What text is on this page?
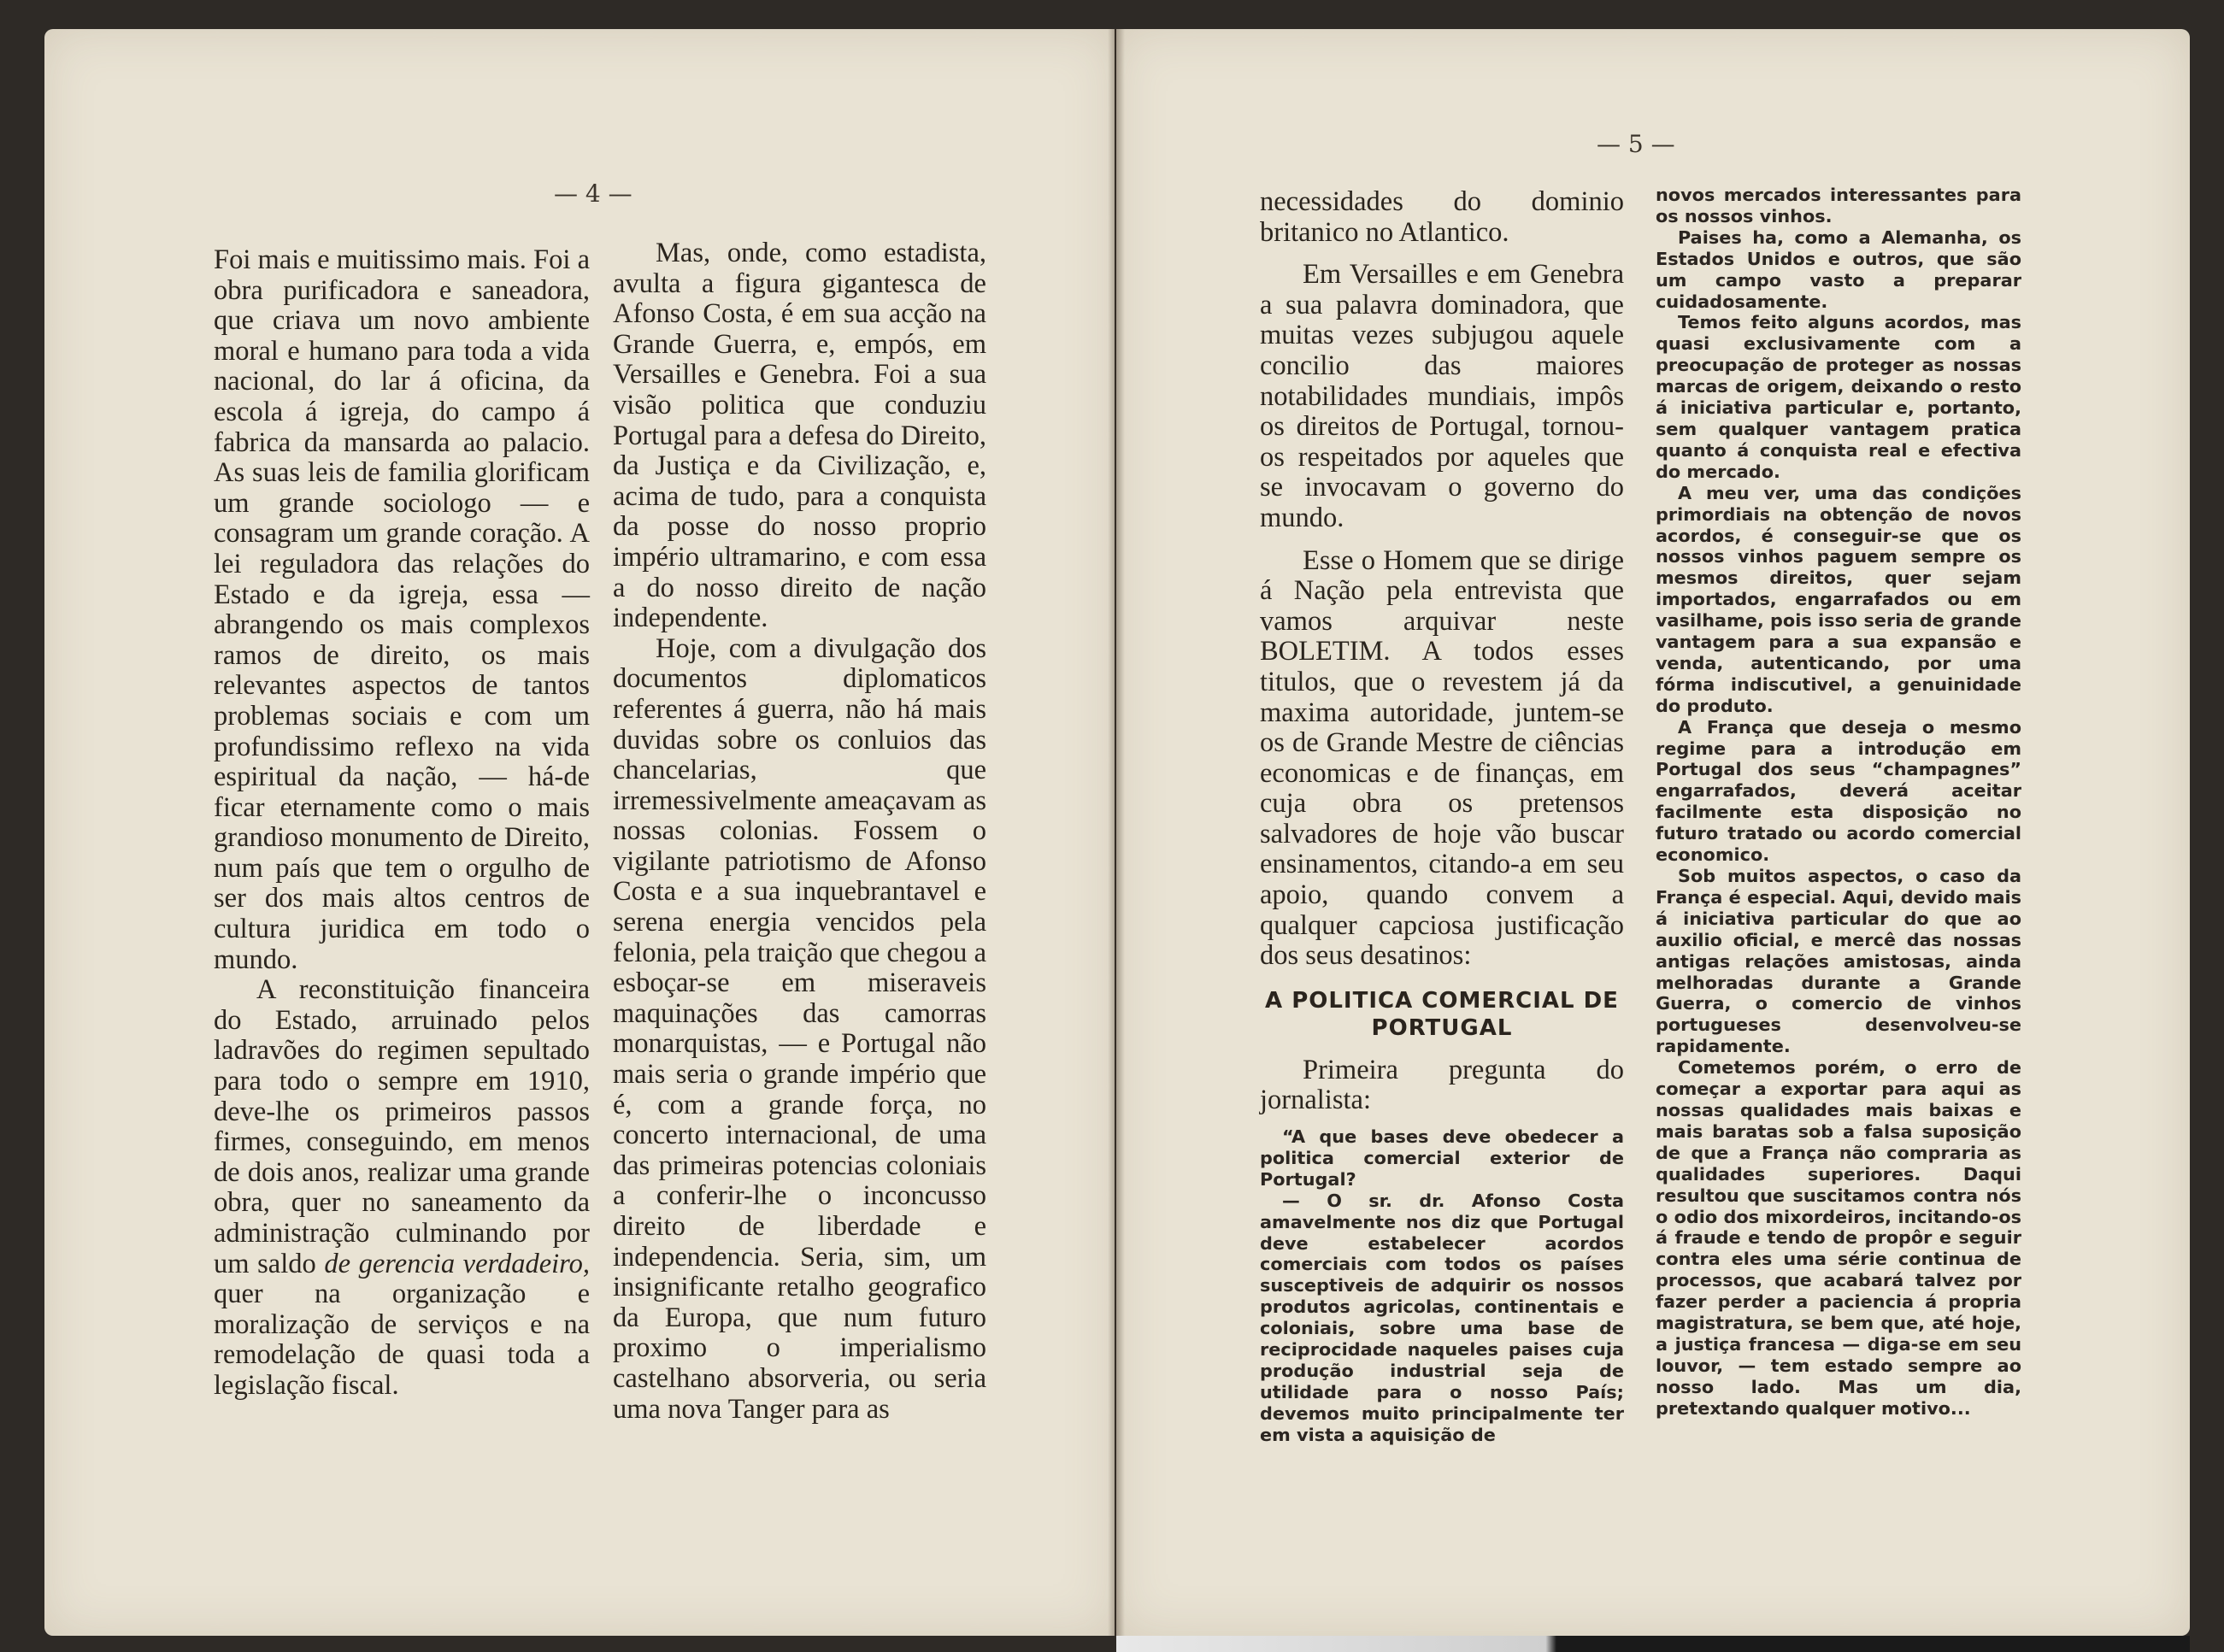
— 4 —
— 5 —

Foi mais e muitissimo mais. Foi a obra purificadora e saneadora, que criava um novo ambiente moral e humano para toda a vida nacional, do lar á oficina, da escola á igreja, do campo á fabrica da mansarda ao palacio. As suas leis de familia glorificam um grande sociologo — e consagram um grande coração. A lei reguladora das relações do Estado e da igreja, essa — abrangendo os mais complexos ramos de direito, os mais relevantes aspectos de tantos problemas sociais e com um profundissimo reflexo na vida espiritual da nação, — há-de ficar eternamente como o mais grandioso monumento de Direito, num país que tem o orgulho de ser dos mais altos centros de cultura juridica em todo o mundo.

A reconstituição financeira do Estado, arruinado pelos ladravões do regimen sepultado para todo o sempre em 1910, deve-lhe os primeiros passos firmes, conseguindo, em menos de dois anos, realizar uma grande obra, quer no saneamento da administração culminando por um saldo de gerencia verdadeiro, quer na organização e moralização de serviços e na remodelação de quasi toda a legislação fiscal.

Mas, onde, como estadista, avulta a figura gigantesca de Afonso Costa, é em sua acção na Grande Guerra, e, empós, em Versailles e Genebra. Foi a sua visão politica que conduziu Portugal para a defesa do Direito, da Justiça e da Civilização, e, acima de tudo, para a conquista da posse do nosso proprio império ultramarino, e com essa a do nosso direito de nação independente.

Hoje, com a divulgação dos documentos diplomaticos referentes á guerra, não há mais duvidas sobre os conluios das chancelarias, que irremessivelmente ameaçavam as nossas colonias. Fossem o vigilante patriotismo de Afonso Costa e a sua inquebrantavel e serena energia vencidos pela felonia, pela traição que chegou a esboçar-se em miseraveis maquinações das camorras monarquistas, — e Portugal não mais seria o grande império que é, com a grande força, no concerto internacional, de uma das primeiras potencias coloniais a conferir-lhe o inconcusso direito de liberdade e independencia. Seria, sim, um insignificante retalho geografico da Europa, que num futuro proximo o imperialismo castelhano absorveria, ou seria uma nova Tanger para as

necessidades do dominio britanico no Atlantico.

Em Versailles e em Genebra a sua palavra dominadora, que muitas vezes subjugou aquele concilio das maiores notabilidades mundiais, impôs os direitos de Portugal, tornou-os respeitados por aqueles que se invocavam o governo do mundo.

Esse o Homem que se dirige á Nação pela entrevista que vamos arquivar neste BOLETIM. A todos esses titulos, que o revestem já da maxima autoridade, juntem-se os de Grande Mestre de ciências economicas e de finanças, em cuja obra os pretensos salvadores de hoje vão buscar ensinamentos, citando-a em seu apoio, quando convem a qualquer capciosa justificação dos seus desatinos:

A POLITICA COMERCIAL DE PORTUGAL

Primeira pregunta do jornalista:

“A que bases deve obedecer a politica comercial exterior de Portugal?

— O sr. dr. Afonso Costa amavelmente nos diz que Portugal deve estabelecer acordos comerciais com todos os países susceptiveis de adquirir os nossos produtos agricolas, continentais e coloniais, sobre uma base de reciprocidade naqueles paises cuja produção industrial seja de utilidade para o nosso País; devemos muito principalmente ter em vista a aquisição de

novos mercados interessantes para os nossos vinhos.

Paises ha, como a Alemanha, os Estados Unidos e outros, que são um campo vasto a preparar cuidadosamente.

Temos feito alguns acordos, mas quasi exclusivamente com a preocupação de proteger as nossas marcas de origem, deixando o resto á iniciativa particular e, portanto, sem qualquer vantagem pratica quanto á conquista real e efectiva do mercado.

A meu ver, uma das condições primordiais na obtenção de novos acordos, é conseguir-se que os nossos vinhos paguem sempre os mesmos direitos, quer sejam importados, engarrafados ou em vasilhame, pois isso seria de grande vantagem para a sua expansão e venda, autenticando, por uma fórma indiscutivel, a genuinidade do produto.

A França que deseja o mesmo regime para a introdução em Portugal dos seus “champagnes” engarrafados, deverá aceitar facilmente esta disposição no futuro tratado ou acordo comercial economico.

Sob muitos aspectos, o caso da França é especial. Aqui, devido mais á iniciativa particular do que ao auxilio oficial, e mercê das nossas antigas relações amistosas, ainda melhoradas durante a Grande Guerra, o comercio de vinhos portugueses desenvolveu-se rapidamente.

Cometemos porém, o erro de começar a exportar para aqui as nossas qualidades mais baixas e mais baratas sob a falsa suposição de que a França não compraria as qualidades superiores. Daqui resultou que suscitamos contra nós o odio dos mixordeiros, incitando-os á fraude e tendo de propôr e seguir contra eles uma série continua de processos, que acabará talvez por fazer perder a paciencia á propria magistratura, se bem que, até hoje, a justiça francesa — diga-se em seu louvor, — tem estado sempre ao nosso lado. Mas um dia, pretextando qualquer motivo...
